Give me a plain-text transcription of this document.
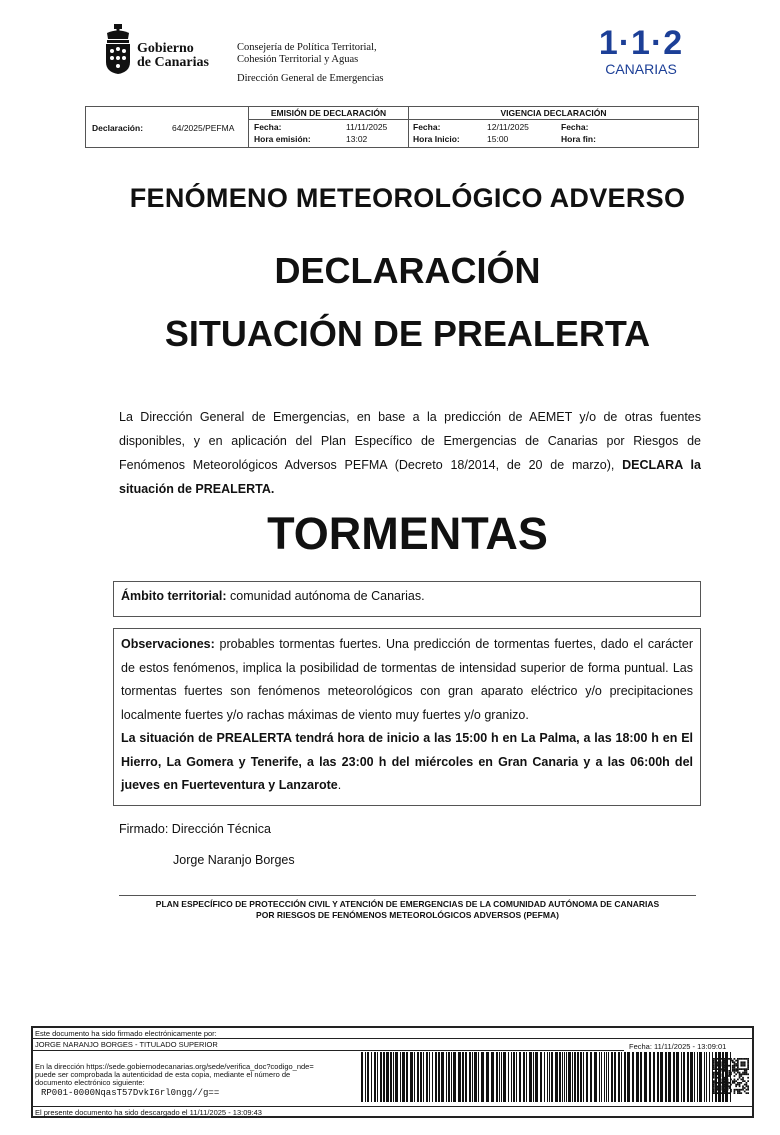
Gobierno
de Canarias
Consejería de Política Territorial,
Cohesión Territorial y Aguas
Dirección General de Emergencias
1·1·2
CANARIAS
Declaración:	64/2025/PEFMA
EMISIÓN DE DECLARACIÓN
Fecha:	11/11/2025
Hora emisión:	13:02
VIGENCIA DECLARACIÓN
Fecha:	12/11/2025	Fecha:
Hora Inicio:	15:00	Hora fin:
FENÓMENO METEOROLÓGICO ADVERSO
DECLARACIÓN
SITUACIÓN DE PREALERTA
La Dirección General de Emergencias, en base a la predicción de AEMET y/o de otras fuentes disponibles, y en aplicación del Plan Específico de Emergencias de Canarias por Riesgos de Fenómenos Meteorológicos Adversos PEFMA (Decreto 18/2014, de 20 de marzo), DECLARA la situación de PREALERTA.
TORMENTAS
Ámbito territorial: comunidad autónoma de Canarias.
Observaciones: probables tormentas fuertes. Una predicción de tormentas fuertes, dado el carácter de estos fenómenos, implica la posibilidad de tormentas de intensidad superior de forma puntual. Las tormentas fuertes son fenómenos meteorológicos con gran aparato eléctrico y/o precipitaciones localmente fuertes y/o rachas máximas de viento muy fuertes y/o granizo.
La situación de PREALERTA tendrá hora de inicio a las 15:00 h en La Palma, a las 18:00 h en El Hierro, La Gomera y Tenerife, a las 23:00 h del miércoles en Gran Canaria y a las 06:00h del jueves en Fuerteventura y Lanzarote.
Firmado: Dirección Técnica
Jorge Naranjo Borges
PLAN ESPECÍFICO DE PROTECCIÓN CIVIL Y ATENCIÓN DE EMERGENCIAS DE LA COMUNIDAD AUTÓNOMA DE CANARIAS
POR RIESGOS DE FENÓMENOS METEOROLÓGICOS ADVERSOS (PEFMA)
Este documento ha sido firmado electrónicamente por:
JORGE NARANJO BORGES - TITULADO SUPERIOR	Fecha: 11/11/2025 - 13:09:01
En la dirección https://sede.gobiernodecanarias.org/sede/verifica_doc?codigo_nde=
puede ser comprobada la autenticidad de esta copia, mediante el número de
documento electrónico siguiente:
RP001-0000NqasT57DvkI6rl0ngg//g==
El presente documento ha sido descargado el 11/11/2025 - 13:09:43
